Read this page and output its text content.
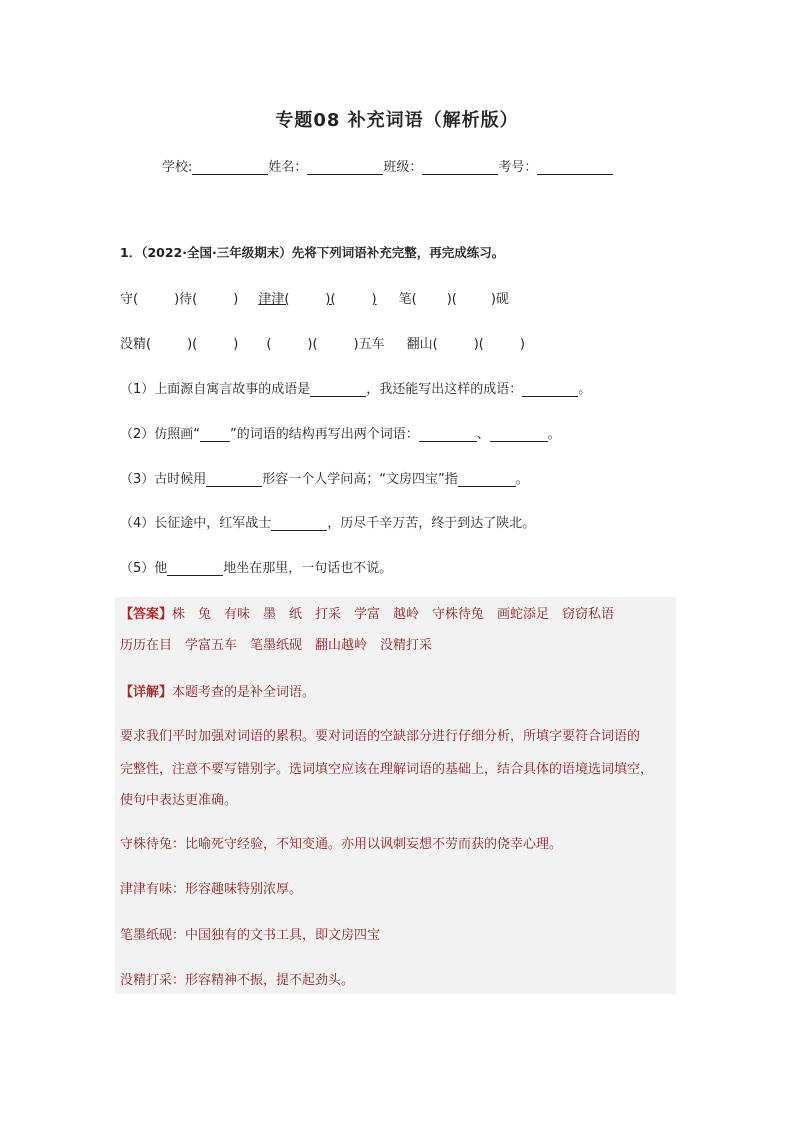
专题08 补充词语（解析版）
学校:	姓名：	班级：	考号：
1．（2022·全国·三年级期末）先将下列词语补充完整，再完成练习。
守(	)待(	) 津津(	)(	) 笔( )(	)砚
没精(	)(	) (	)(	)五车 翻山(	)(	)
（1）上面源自寓言故事的成语是	，我还能写出这样的成语：	。
（2）仿照画“ ”的词语的结构再写出两个词语：	、	。
（3）古时候用	形容一个人学问高；“文房四宝”指	。
（4）长征途中，红军战士	，历尽千辛万苦，终于到达了陕北。
（5）他	地坐在那里，一句话也不说。
【答案】株　兔　有味　墨　纸　打采　学富　越岭　守株待兔　画蛇添足　窃窃私语
历历在目　学富五车　笔墨纸砚　翻山越岭　没精打采
【详解】本题考查的是补全词语。
要求我们平时加强对词语的累积。要对词语的空缺部分进行仔细分析，所填字要符合词语的
完整性，注意不要写错别字。选词填空应该在理解词语的基础上，结合具体的语境选词填空，
使句中表达更准确。
守株待兔：比喻死守经验，不知变通。亦用以讽刺妄想不劳而获的侥幸心理。
津津有味：形容趣味特别浓厚。
笔墨纸砚：中国独有的文书工具，即文房四宝
没精打采：形容精神不振，提不起劲头。
